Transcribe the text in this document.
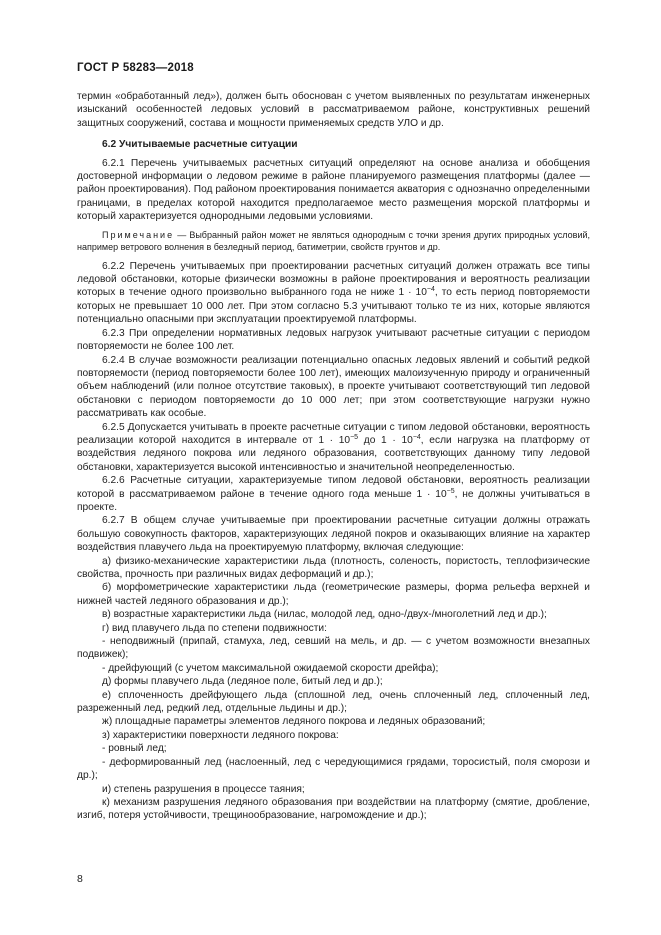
ГОСТ Р 58283—2018

термин «обработанный лед»), должен быть обоснован с учетом выявленных по результатам инженерных изысканий особенностей ледовых условий в рассматриваемом районе, конструктивных решений защитных сооружений, состава и мощности применяемых средств УЛО и др.

6.2 Учитываемые расчетные ситуации

6.2.1 Перечень учитываемых расчетных ситуаций определяют на основе анализа и обобщения достоверной информации о ледовом режиме в районе планируемого размещения платформы (далее — район проектирования). Под районом проектирования понимается акватория с однозначно определенными границами, в пределах которой находится предполагаемое место размещения морской платформы и который характеризуется однородными ледовыми условиями.

Примечание — Выбранный район может не являться однородным с точки зрения других природных условий, например ветрового волнения в безледный период, батиметрии, свойств грунтов и др.

6.2.2 Перечень учитываемых при проектировании расчетных ситуаций должен отражать все типы ледовой обстановки, которые физически возможны в районе проектирования и вероятность реализации которых в течение одного произвольно выбранного года не ниже $1 \cdot 10^{-4}$, то есть период повторяемости которых не превышает 10 000 лет. При этом согласно 5.3 учитывают только те из них, которые являются потенциально опасными при эксплуатации проектируемой платформы.

6.2.3 При определении нормативных ледовых нагрузок учитывают расчетные ситуации с периодом повторяемости не более 100 лет.

6.2.4 В случае возможности реализации потенциально опасных ледовых явлений и событий редкой повторяемости (период повторяемости более 100 лет), имеющих малоизученную природу и ограниченный объем наблюдений (или полное отсутствие таковых), в проекте учитывают соответствующий тип ледовой обстановки с периодом повторяемости до 10 000 лет; при этом соответствующие нагрузки нужно рассматривать как особые.

6.2.5 Допускается учитывать в проекте расчетные ситуации с типом ледовой обстановки, вероятность реализации которой находится в интервале от $1 \cdot 10^{-5}$ до $1 \cdot 10^{-4}$, если нагрузка на платформу от воздействия ледяного покрова или ледяного образования, соответствующих данному типу ледовой обстановки, характеризуется высокой интенсивностью и значительной неопределенностью.

6.2.6 Расчетные ситуации, характеризуемые типом ледовой обстановки, вероятность реализации которой в рассматриваемом районе в течение одного года меньше $1 \cdot 10^{-5}$, не должны учитываться в проекте.

6.2.7 В общем случае учитываемые при проектировании расчетные ситуации должны отражать большую совокупность факторов, характеризующих ледяной покров и оказывающих влияние на характер воздействия плавучего льда на проектируемую платформу, включая следующие:

а) физико-механические характеристики льда (плотность, соленость, пористость, теплофизические свойства, прочность при различных видах деформаций и др.);

б) морфометрические характеристики льда (геометрические размеры, форма рельефа верхней и нижней частей ледяного образования и др.);

в) возрастные характеристики льда (нилас, молодой лед, одно-/двух-/многолетний лед и др.);

г) вид плавучего льда по степени подвижности:

- неподвижный (припай, стамуха, лед, севший на мель, и др. — с учетом возможности внезапных подвижек);

- дрейфующий (с учетом максимальной ожидаемой скорости дрейфа);

д) формы плавучего льда (ледяное поле, битый лед и др.);

е) сплоченность дрейфующего льда (сплошной лед, очень сплоченный лед, сплоченный лед, разреженный лед, редкий лед, отдельные льдины и др.);

ж) площадные параметры элементов ледяного покрова и ледяных образований;

з) характеристики поверхности ледяного покрова:

- ровный лед;

- деформированный лед (наслоенный, лед с чередующимися грядами, торосистый, поля сморози и др.);

и) степень разрушения в процессе таяния;

к) механизм разрушения ледяного образования при воздействии на платформу (смятие, дробление, изгиб, потеря устойчивости, трещинообразование, нагромождение и др.);

8
